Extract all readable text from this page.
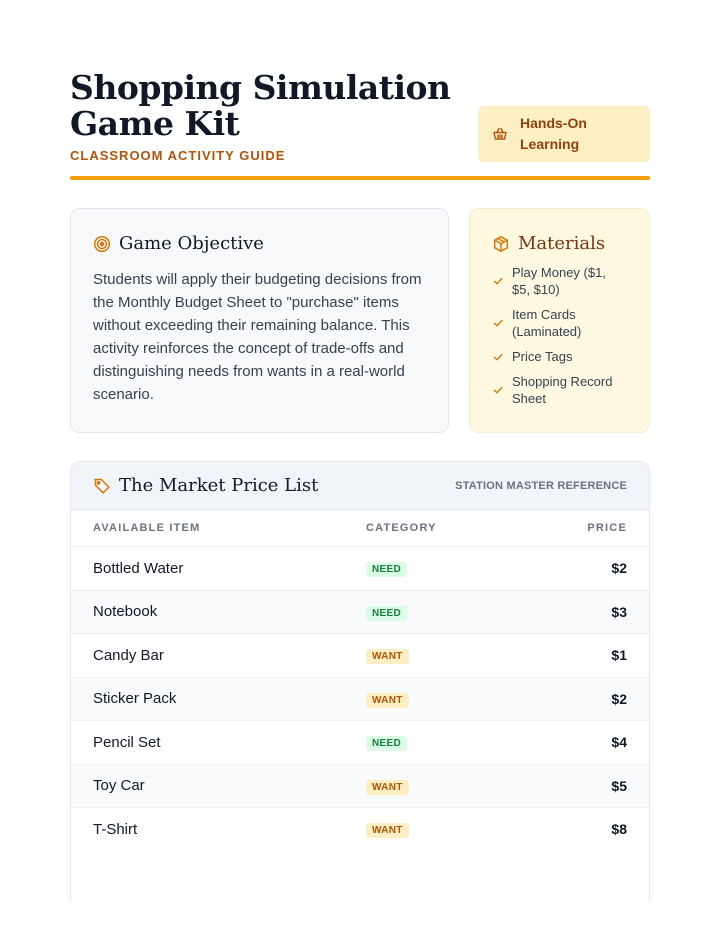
Shopping Simulation Game Kit
CLASSROOM ACTIVITY GUIDE
Hands-On Learning
Game Objective

Students will apply their budgeting decisions from the Monthly Budget Sheet to "purchase" items without exceeding their remaining balance. This activity reinforces the concept of trade-offs and distinguishing needs from wants in a real-world scenario.

Materials
Play Money ($1, $5, $10)
Item Cards (Laminated)
Price Tags
Shopping Record Sheet
The Market Price List	STATION MASTER REFERENCE
AVAILABLE ITEM	CATEGORY	PRICE
Bottled Water	NEED	$2
Notebook	NEED	$3
Candy Bar	WANT	$1
Sticker Pack	WANT	$2
Pencil Set	NEED	$4
Toy Car	WANT	$5
T-Shirt	WANT	$8
